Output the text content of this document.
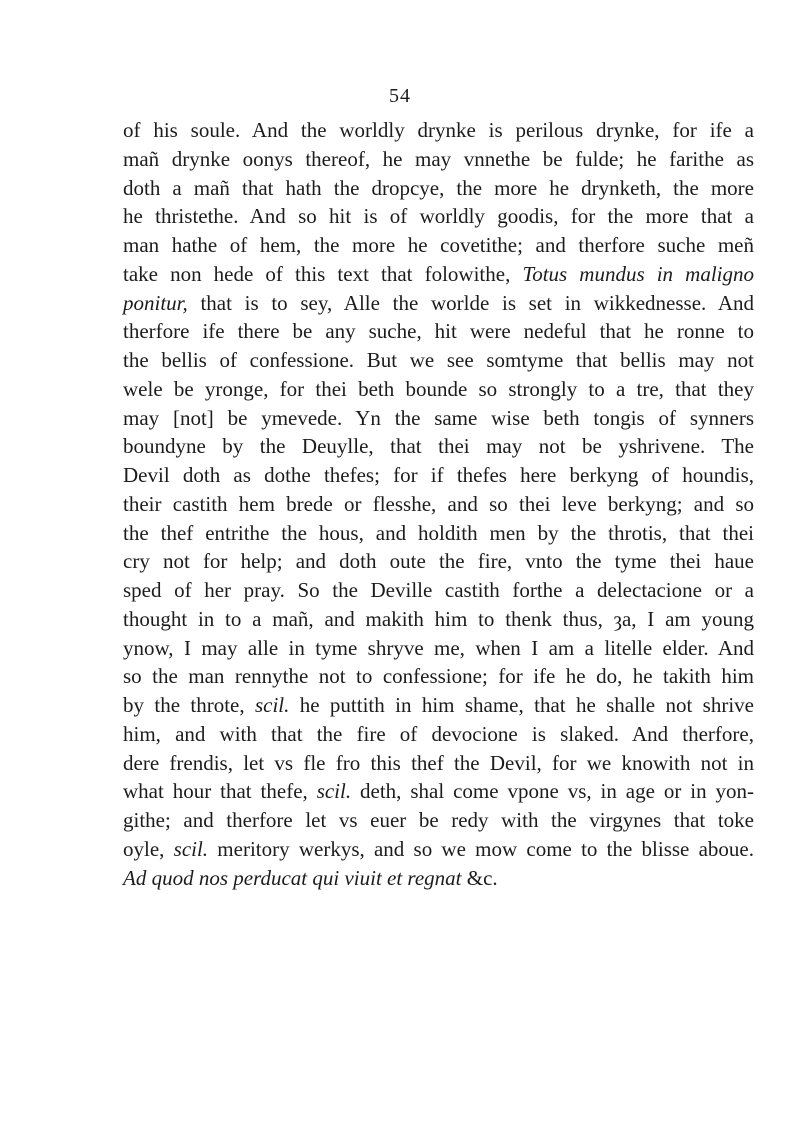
54
of his soule. And the worldly drynke is perilous drynke, for ife a
mañ drynke oonys thereof, he may vnnethe be fulde; he farithe as
doth a mañ that hath the dropcye, the more he drynketh, the more
he thristethe. And so hit is of worldly goodis, for the more that a
man hathe of hem, the more he covetithe; and therfore suche meñ
take non hede of this text that folowithe, Totus mundus in maligno
ponitur, that is to sey, Alle the worlde is set in wikkednesse. And
therfore ife there be any suche, hit were nedeful that he ronne to
the bellis of confessione. But we see somtyme that bellis may not
wele be yronge, for thei beth bounde so strongly to a tre, that they
may [not] be ymevede. Yn the same wise beth tongis of synners
boundyne by the Deuylle, that thei may not be yshrivene. The
Devil doth as dothe thefes; for if thefes here berkyng of houndis,
their castith hem brede or flesshe, and so thei leve berkyng; and so
the thef entrithe the hous, and holdith men by the throtis, that thei
cry not for help; and doth oute the fire, vnto the tyme thei haue
sped of her pray. So the Deville castith forthe a delectacione or a
thought in to a mañ, and makith him to thenk thus, ȝa, I am young
ynow, I may alle in tyme shryve me, when I am a litelle elder. And
so the man rennythe not to confessione; for ife he do, he takith him
by the throte, scil. he puttith in him shame, that he shalle not shrive
him, and with that the fire of devocione is slaked. And therfore,
dere frendis, let vs fle fro this thef the Devil, for we knowith not in
what hour that thefe, scil. deth, shal come vpone vs, in age or in yon-
githe; and therfore let vs euer be redy with the virgynes that toke
oyle, scil. meritory werkys, and so we mow come to the blisse aboue.
Ad quod nos perducat qui viuit et regnat &c.
